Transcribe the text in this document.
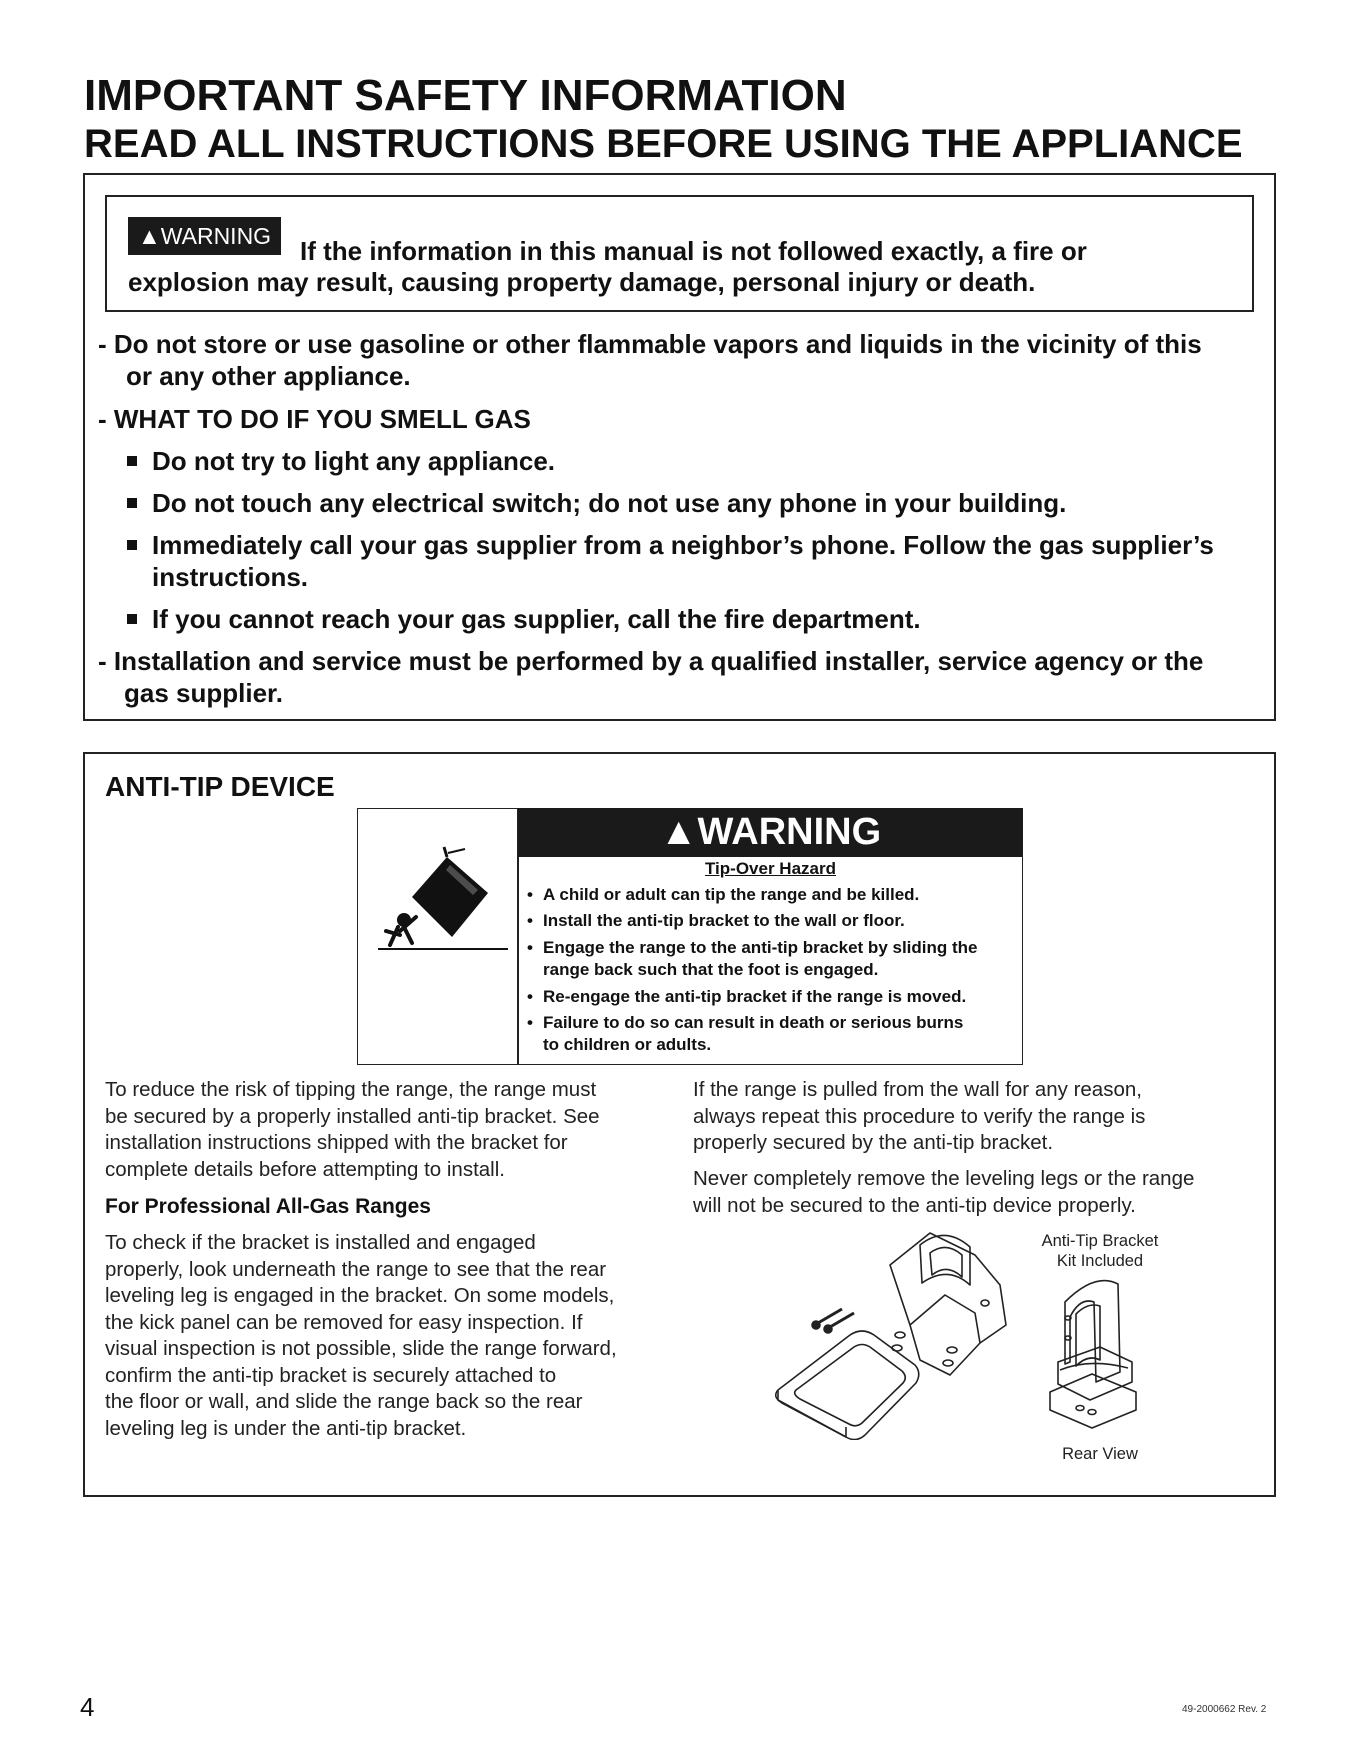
IMPORTANT SAFETY INFORMATION
READ ALL INSTRUCTIONS BEFORE USING THE APPLIANCE
▲WARNING	If the information in this manual is not followed exactly, a fire or
explosion may result, causing property damage, personal injury or death.
- Do not store or use gasoline or other flammable vapors and liquids in the vicinity of this
or any other appliance.
- WHAT TO DO IF YOU SMELL GAS
Do not try to light any appliance.
Do not touch any electrical switch; do not use any phone in your building.
Immediately call your gas supplier from a neighbor’s phone. Follow the gas supplier’s
instructions.
If you cannot reach your gas supplier, call the fire department.
- Installation and service must be performed by a qualified installer, service agency or the
gas supplier.
ANTI-TIP DEVICE
▲WARNING
Tip-Over Hazard
• A child or adult can tip the range and be killed.
• Install the anti-tip bracket to the wall or floor.
• Engage the range to the anti-tip bracket by sliding the
range back such that the foot is engaged.
• Re-engage the anti-tip bracket if the range is moved.
• Failure to do so can result in death or serious burns
to children or adults.
To reduce the risk of tipping the range, the range must
be secured by a properly installed anti-tip bracket. See
installation instructions shipped with the bracket for
complete details before attempting to install.
For Professional All-Gas Ranges
To check if the bracket is installed and engaged
properly, look underneath the range to see that the rear
leveling leg is engaged in the bracket. On some models,
the kick panel can be removed for easy inspection. If
visual inspection is not possible, slide the range forward,
confirm the anti-tip bracket is securely attached to
the floor or wall, and slide the range back so the rear
leveling leg is under the anti-tip bracket.
If the range is pulled from the wall for any reason,
always repeat this procedure to verify the range is
properly secured by the anti-tip bracket.
Never completely remove the leveling legs or the range
will not be secured to the anti-tip device properly.
Anti-Tip Bracket
Kit Included
Rear View
4	49-2000662 Rev. 2
